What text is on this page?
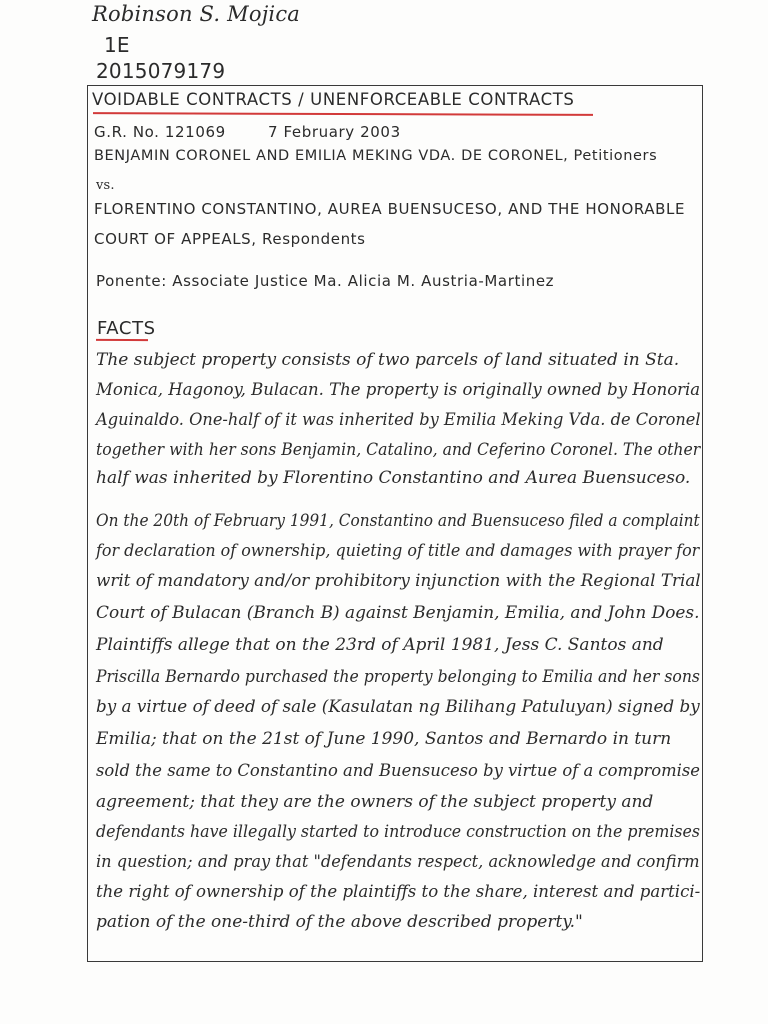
Robinson S. Mojica
1E
2015079179
VOIDABLE CONTRACTS / UNENFORCEABLE CONTRACTS
G.R. No. 121069	7 February 2003
BENJAMIN CORONEL AND EMILIA MEKING VDA. DE CORONEL, Petitioners
vs.
FLORENTINO CONSTANTINO, AUREA BUENSUCESO, AND THE HONORABLE
COURT OF APPEALS, Respondents
Ponente: Associate Justice Ma. Alicia M. Austria-Martinez
FACTS
The subject property consists of two parcels of land situated in Sta.
Monica, Hagonoy, Bulacan. The property is originally owned by Honoria
Aguinaldo. One-half of it was inherited by Emilia Meking Vda. de Coronel
together with her sons Benjamin, Catalino, and Ceferino Coronel. The other
half was inherited by Florentino Constantino and Aurea Buensuceso.
On the 20th of February 1991, Constantino and Buensuceso filed a complaint
for declaration of ownership, quieting of title and damages with prayer for
writ of mandatory and/or prohibitory injunction with the Regional Trial
Court of Bulacan (Branch B) against Benjamin, Emilia, and John Does.
Plaintiffs allege that on the 23rd of April 1981, Jess C. Santos and
Priscilla Bernardo purchased the property belonging to Emilia and her sons
by a virtue of deed of sale (Kasulatan ng Bilihang Patuluyan) signed by
Emilia; that on the 21st of June 1990, Santos and Bernardo in turn
sold the same to Constantino and Buensuceso by virtue of a compromise
agreement; that they are the owners of the subject property and
defendants have illegally started to introduce construction on the premises
in question; and pray that "defendants respect, acknowledge and confirm
the right of ownership of the plaintiffs to the share, interest and partici-
pation of the one-third of the above described property."
